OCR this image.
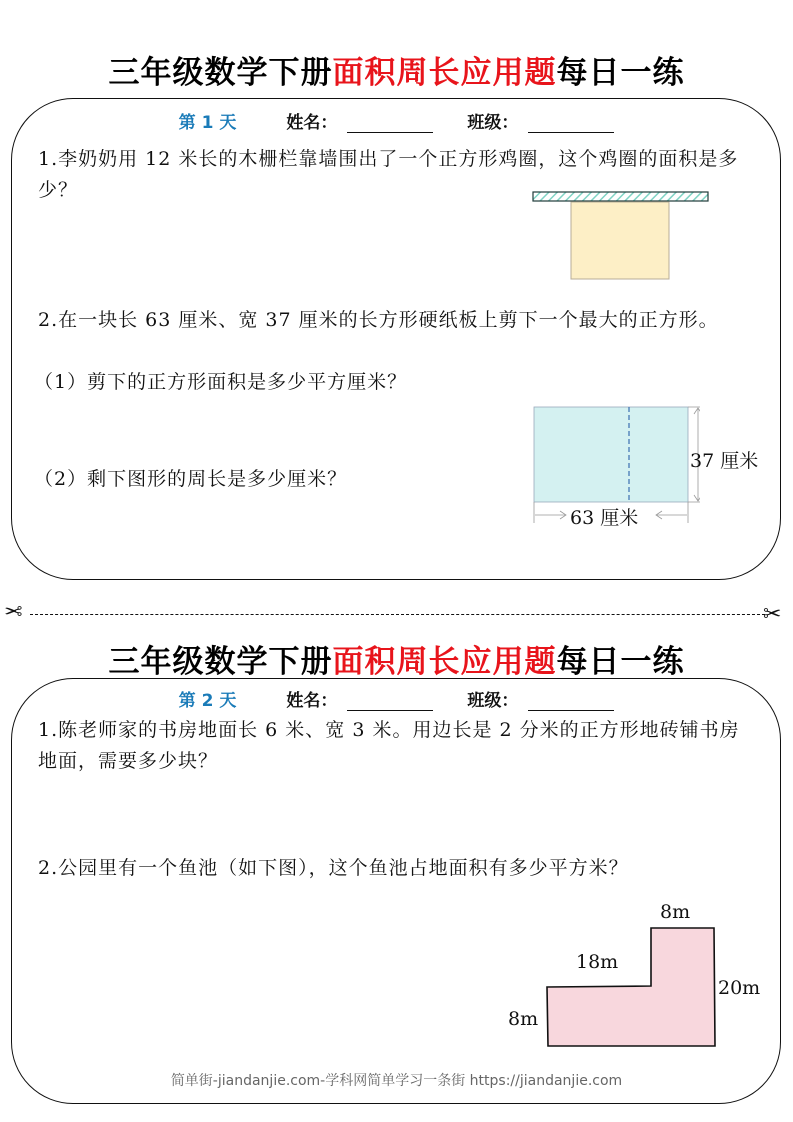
三年级数学下册面积周长应用题每日一练
第 1 天	姓名：	班级：
1.李奶奶用 12 米长的木栅栏靠墙围出了一个正方形鸡圈，这个鸡圈的面积是多少？
2.在一块长 63 厘米、宽 37 厘米的长方形硬纸板上剪下一个最大的正方形。
（1）剪下的正方形面积是多少平方厘米？
（2）剩下图形的周长是多少厘米？
37 厘米
63 厘米
✂	✂
三年级数学下册面积周长应用题每日一练
第 2 天	姓名：	班级：
1.陈老师家的书房地面长 6 米、宽 3 米。用边长是 2 分米的正方形地砖铺书房地面，需要多少块？
2.公园里有一个鱼池（如下图），这个鱼池占地面积有多少平方米？
8m
18m
20m
8m
简单街-jiandanjie.com-学科网简单学习一条街 https://jiandanjie.com
